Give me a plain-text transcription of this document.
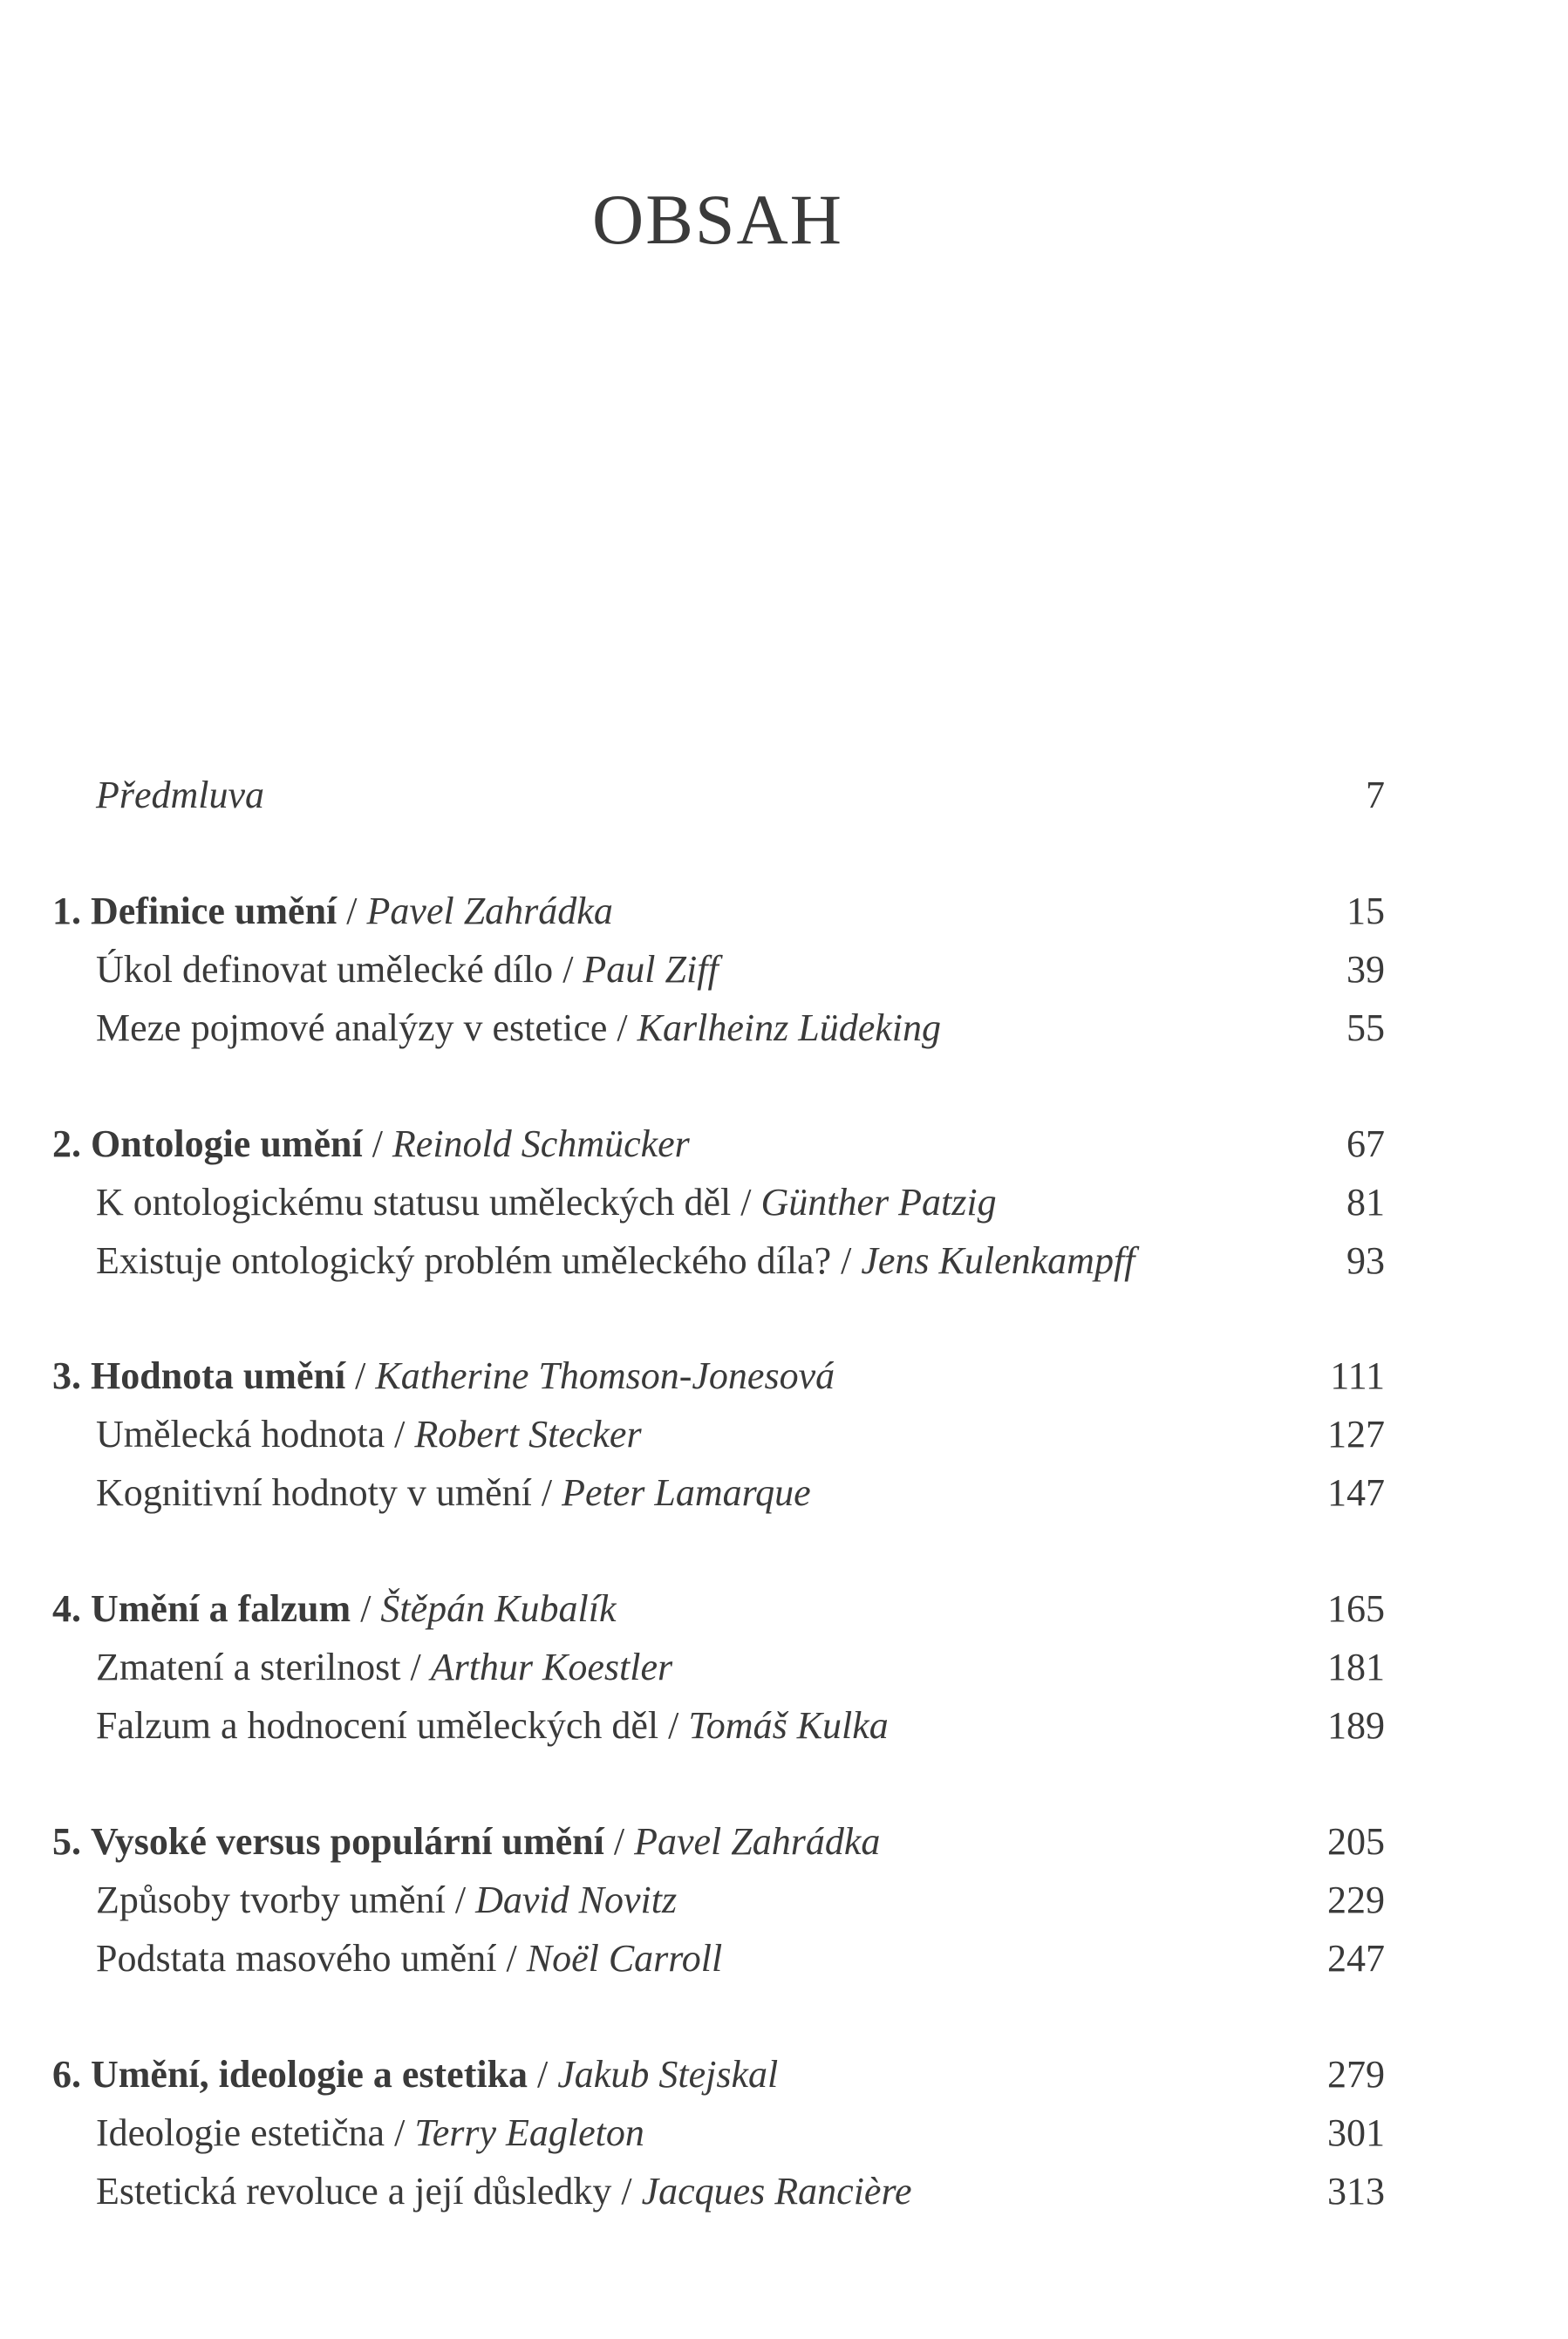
OBSAH
Předmluva	7
1. Definice umění / Pavel Zahrádka	15
Úkol definovat umělecké dílo / Paul Ziff	39
Meze pojmové analýzy v estetice / Karlheinz Lüdeking	55
2. Ontologie umění / Reinold Schmücker	67
K ontologickému statusu uměleckých děl / Günther Patzig	81
Existuje ontologický problém uměleckého díla? / Jens Kulenkampff	93
3. Hodnota umění / Katherine Thomson-Jonesová	111
Umělecká hodnota / Robert Stecker	127
Kognitivní hodnoty v umění / Peter Lamarque	147
4. Umění a falzum / Štěpán Kubalík	165
Zmatení a sterilnost / Arthur Koestler	181
Falzum a hodnocení uměleckých děl / Tomáš Kulka	189
5. Vysoké versus populární umění / Pavel Zahrádka	205
Způsoby tvorby umění / David Novitz	229
Podstata masového umění / Noël Carroll	247
6. Umění, ideologie a estetika / Jakub Stejskal	279
Ideologie estetična / Terry Eagleton	301
Estetická revoluce a její důsledky / Jacques Rancière	313
